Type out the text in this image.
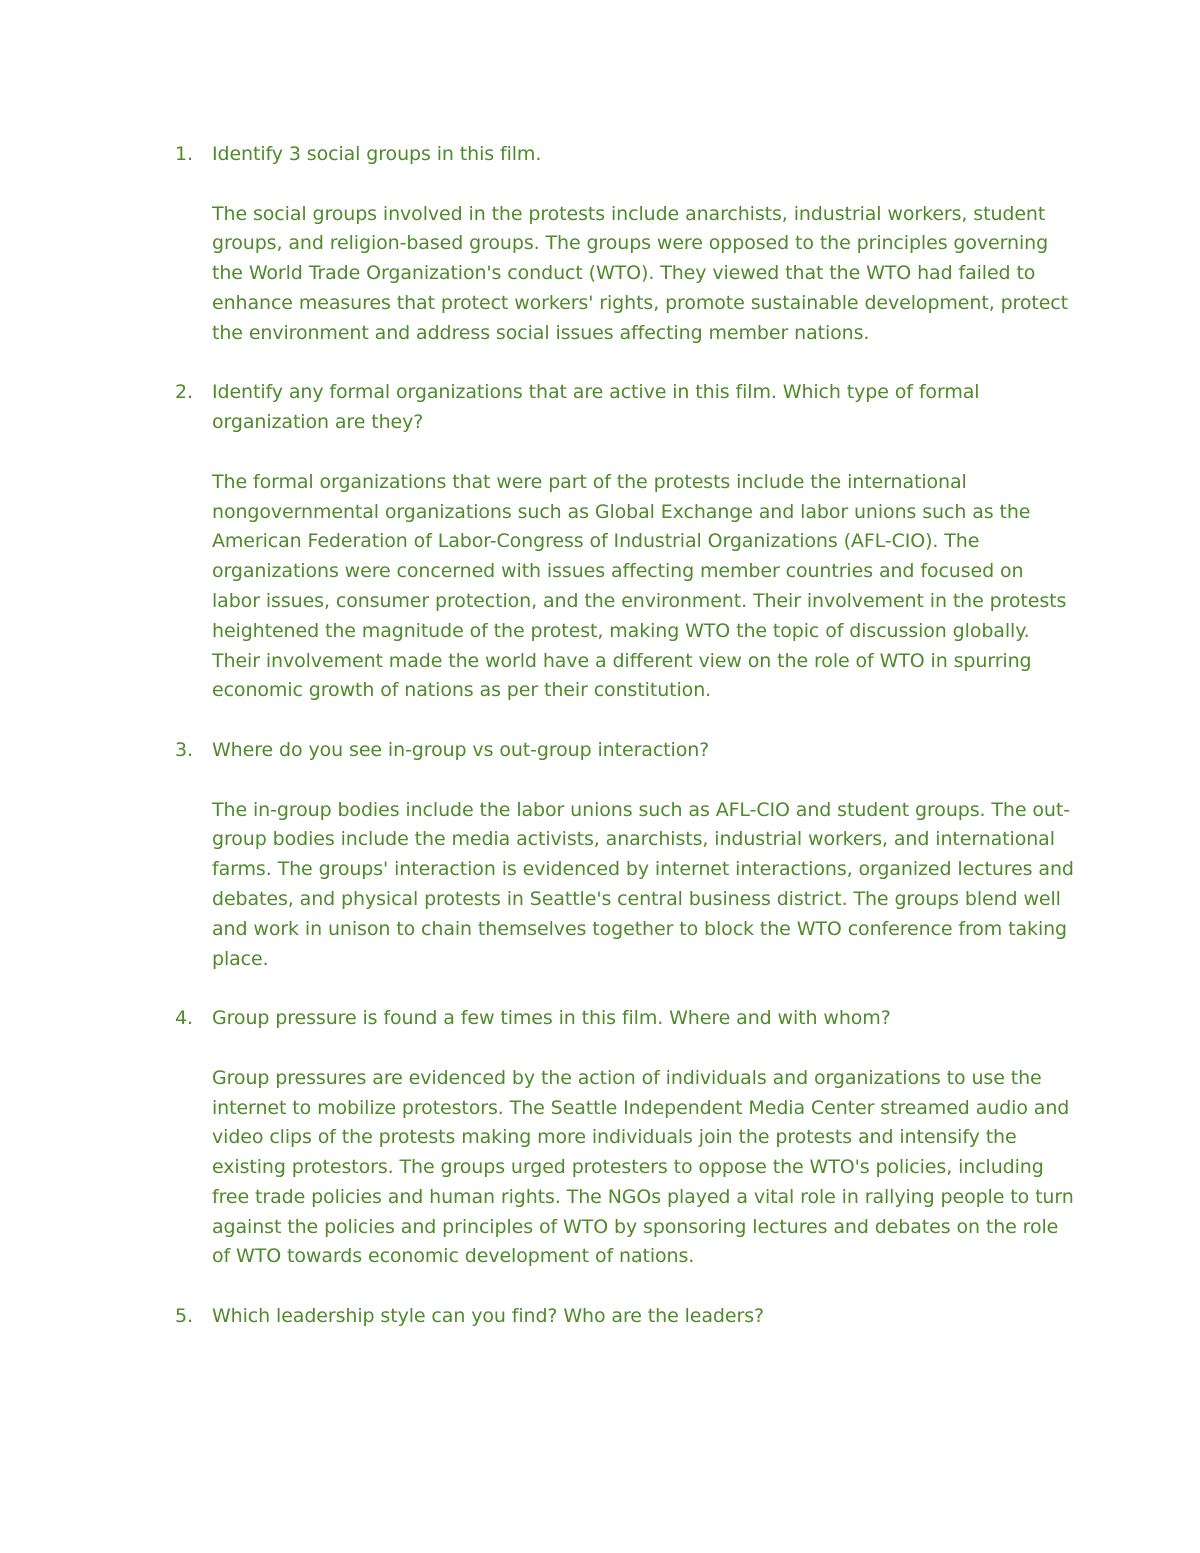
1. Identify 3 social groups in this film.

The social groups involved in the protests include anarchists, industrial workers, student groups, and religion-based groups. The groups were opposed to the principles governing the World Trade Organization's conduct (WTO). They viewed that the WTO had failed to enhance measures that protect workers' rights, promote sustainable development, protect the environment and address social issues affecting member nations.

2. Identify any formal organizations that are active in this film. Which type of formal organization are they?

The formal organizations that were part of the protests include the international nongovernmental organizations such as Global Exchange and labor unions such as the American Federation of Labor-Congress of Industrial Organizations (AFL-CIO). The organizations were concerned with issues affecting member countries and focused on labor issues, consumer protection, and the environment. Their involvement in the protests heightened the magnitude of the protest, making WTO the topic of discussion globally. Their involvement made the world have a different view on the role of WTO in spurring economic growth of nations as per their constitution.

3. Where do you see in-group vs out-group interaction?

The in-group bodies include the labor unions such as AFL-CIO and student groups. The out-group bodies include the media activists, anarchists, industrial workers, and international farms. The groups' interaction is evidenced by internet interactions, organized lectures and debates, and physical protests in Seattle's central business district. The groups blend well and work in unison to chain themselves together to block the WTO conference from taking place.

4. Group pressure is found a few times in this film. Where and with whom?

Group pressures are evidenced by the action of individuals and organizations to use the internet to mobilize protestors. The Seattle Independent Media Center streamed audio and video clips of the protests making more individuals join the protests and intensify the existing protestors. The groups urged protesters to oppose the WTO's policies, including free trade policies and human rights. The NGOs played a vital role in rallying people to turn against the policies and principles of WTO by sponsoring lectures and debates on the role of WTO towards economic development of nations.

5. Which leadership style can you find? Who are the leaders?
